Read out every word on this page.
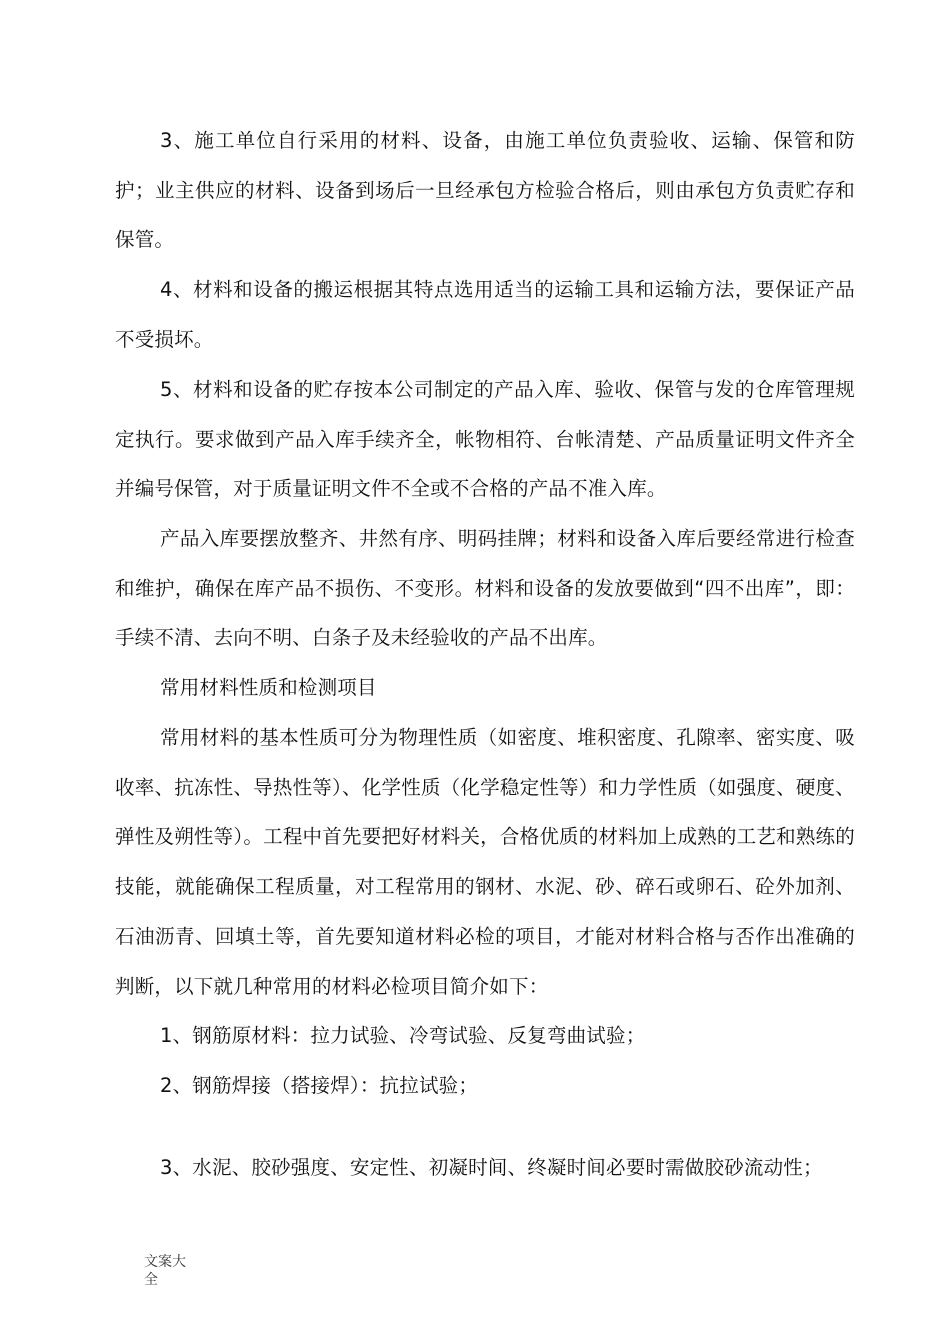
3、施工单位自行采用的材料、设备，由施工单位负责验收、运输、保管和防护；业主供应的材料、设备到场后一旦经承包方检验合格后，则由承包方负责贮存和保管。

4、材料和设备的搬运根据其特点选用适当的运输工具和运输方法，要保证产品不受损坏。

5、材料和设备的贮存按本公司制定的产品入库、验收、保管与发的仓库管理规定执行。要求做到产品入库手续齐全，帐物相符、台帐清楚、产品质量证明文件齐全并编号保管，对于质量证明文件不全或不合格的产品不准入库。

产品入库要摆放整齐、井然有序、明码挂牌；材料和设备入库后要经常进行检查和维护，确保在库产品不损伤、不变形。材料和设备的发放要做到“四不出库”，即：手续不清、去向不明、白条子及未经验收的产品不出库。

常用材料性质和检测项目

常用材料的基本性质可分为物理性质（如密度、堆积密度、孔隙率、密实度、吸收率、抗冻性、导热性等）、化学性质（化学稳定性等）和力学性质（如强度、硬度、弹性及朔性等）。工程中首先要把好材料关，合格优质的材料加上成熟的工艺和熟练的技能，就能确保工程质量，对工程常用的钢材、水泥、砂、碎石或卵石、砼外加剂、石油沥青、回填土等，首先要知道材料必检的项目，才能对材料合格与否作出准确的判断，以下就几种常用的材料必检项目简介如下：

1、钢筋原材料：拉力试验、冷弯试验、反复弯曲试验；

2、钢筋焊接（搭接焊）：抗拉试验；

3、水泥、胶砂强度、安定性、初凝时间、终凝时间必要时需做胶砂流动性；

文案大全
